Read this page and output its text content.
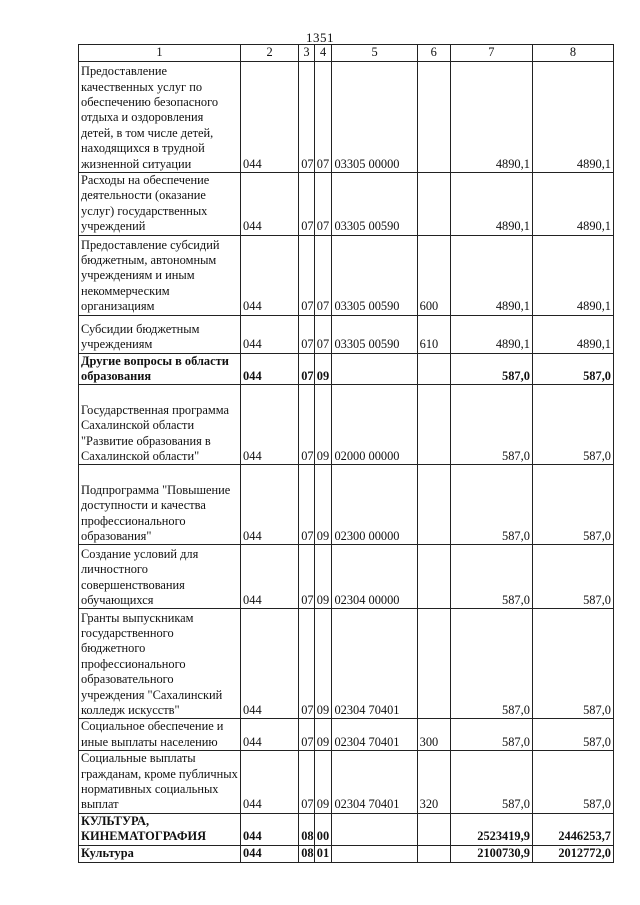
1351
1	2	3	4	5	6	7	8
Предоставление качественных услуг по обеспечению безопасного отдыха и оздоровления детей, в том числе детей, находящихся в трудной жизненной ситуации	044	07	07	03305 00000		4890,1	4890,1
Расходы на обеспечение деятельности (оказание услуг) государственных учреждений	044	07	07	03305 00590		4890,1	4890,1
Предоставление субсидий бюджетным, автономным учреждениям и иным некоммерческим организациям	044	07	07	03305 00590	600	4890,1	4890,1
Субсидии бюджетным учреждениям	044	07	07	03305 00590	610	4890,1	4890,1
Другие вопросы в области образования	044	07	09			587,0	587,0
Государственная программа Сахалинской области "Развитие образования в Сахалинской области"	044	07	09	02000 00000		587,0	587,0
Подпрограмма "Повышение доступности и качества профессионального образования"	044	07	09	02300 00000		587,0	587,0
Создание условий для личностного совершенствования обучающихся	044	07	09	02304 00000		587,0	587,0
Гранты выпускникам государственного бюджетного профессионального образовательного учреждения "Сахалинский колледж искусств"	044	07	09	02304 70401		587,0	587,0
Социальное обеспечение и иные выплаты населению	044	07	09	02304 70401	300	587,0	587,0
Социальные выплаты гражданам, кроме публичных нормативных социальных выплат	044	07	09	02304 70401	320	587,0	587,0
КУЛЬТУРА, КИНЕМАТОГРАФИЯ	044	08	00			2523419,9	2446253,7
Культура	044	08	01			2100730,9	2012772,0
